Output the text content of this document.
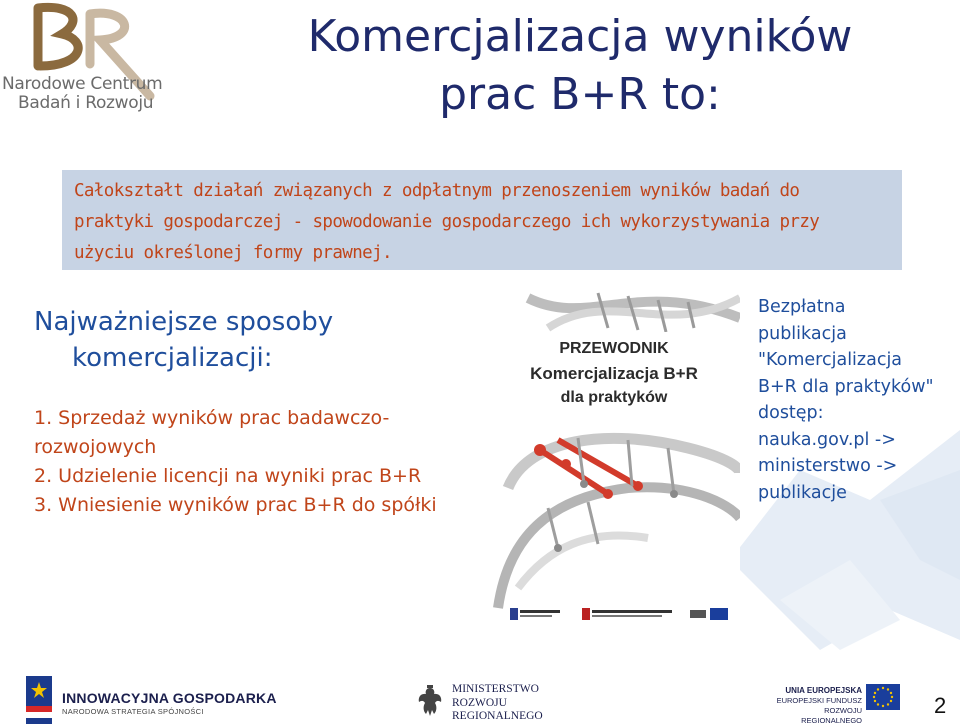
Narodowe Centrum
Badań i Rozwoju
Komercjalizacja wyników
prac B+R to:
Całokształt działań związanych z odpłatnym przenoszeniem wyników badań do
praktyki gospodarczej - spowodowanie gospodarczego ich wykorzystywania przy
użyciu określonej formy prawnej.
Najważniejsze sposoby
komercjalizacji:
1. Sprzedaż wyników prac badawczo-
rozwojowych
2. Udzielenie licencji na wyniki prac B+R
3. Wniesienie wyników prac B+R do spółki
PRZEWODNIK
Komercjalizacja B+R
dla praktyków
Bezpłatna
publikacja
"Komercjalizacja
B+R dla praktyków"
dostęp:
nauka.gov.pl ->
ministerstwo ->
publikacje
INNOWACYJNA GOSPODARKA
NARODOWA STRATEGIA SPÓJNOŚCI
MINISTERSTWO
ROZWOJU
REGIONALNEGO
UNIA EUROPEJSKA
EUROPEJSKI FUNDUSZ
ROZWOJU REGIONALNEGO
2
